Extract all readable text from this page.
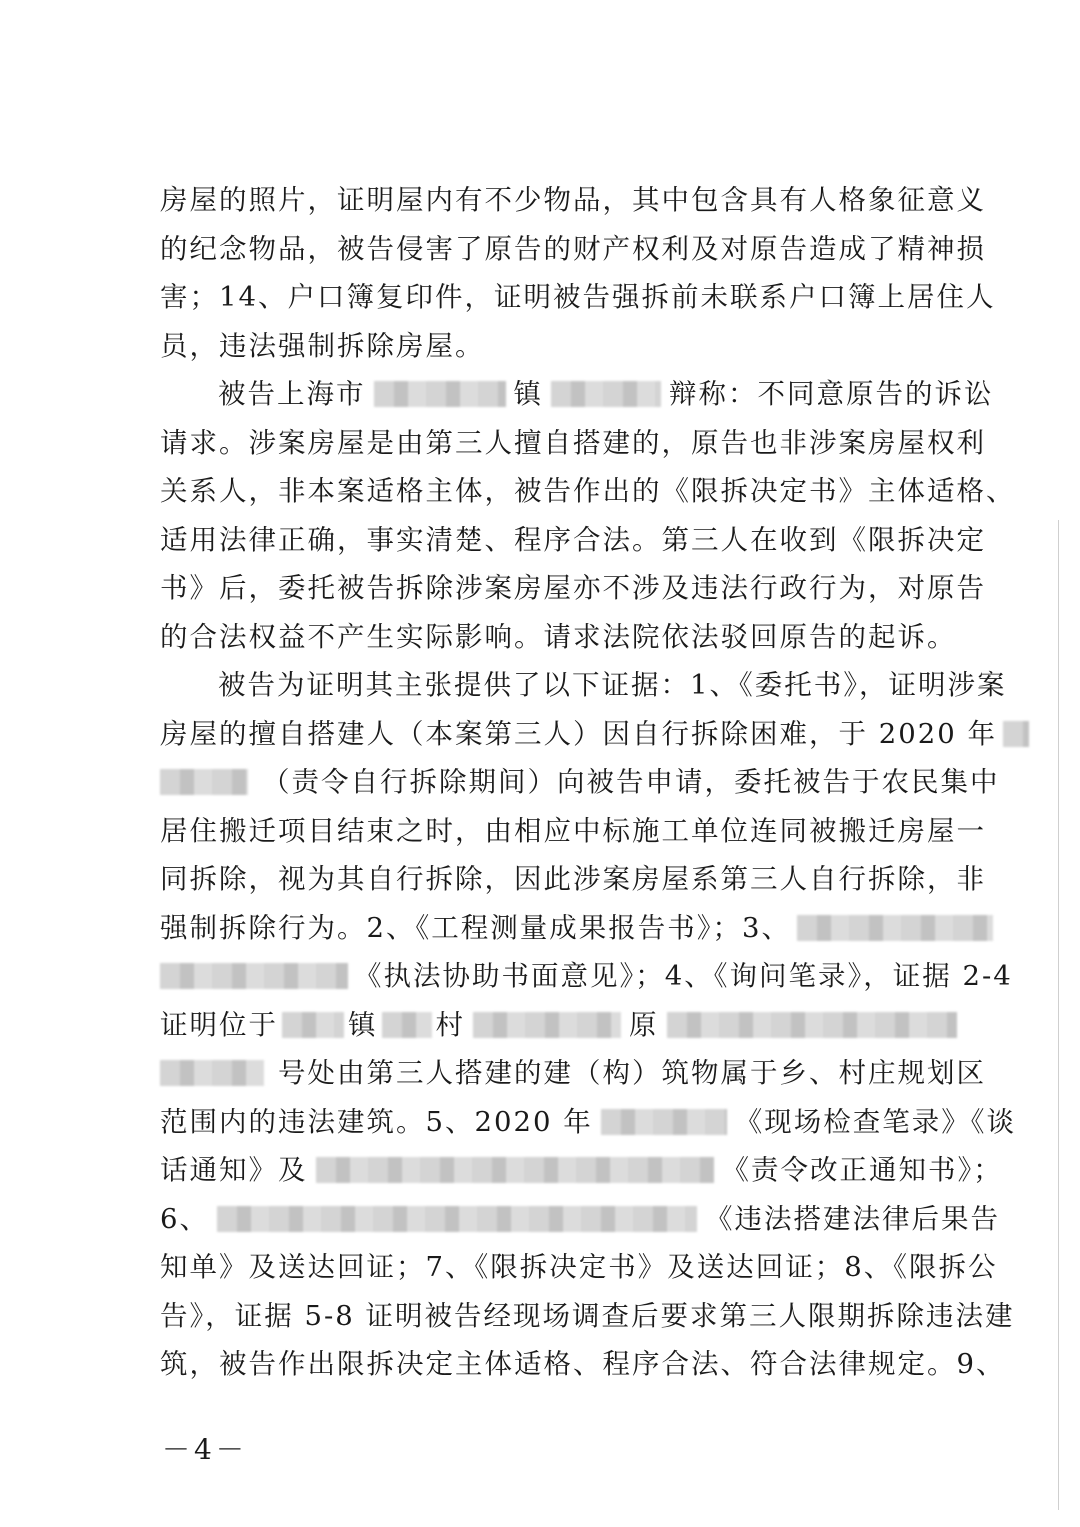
房屋的照片，证明屋内有不少物品，其中包含具有人格象征意义
的纪念物品，被告侵害了原告的财产权利及对原告造成了精神损
害；14、户口簿复印件，证明被告强拆前未联系户口簿上居住人
员，违法强制拆除房屋。

被告上海市	镇	辩称：不同意原告的诉讼
请求。涉案房屋是由第三人擅自搭建的，原告也非涉案房屋权利
关系人，非本案适格主体，被告作出的《限拆决定书》主体适格、
适用法律正确，事实清楚、程序合法。第三人在收到《限拆决定
书》后，委托被告拆除涉案房屋亦不涉及违法行政行为，对原告
的合法权益不产生实际影响。请求法院依法驳回原告的起诉。

被告为证明其主张提供了以下证据：1、《委托书》，证明涉案
房屋的擅自搭建人（本案第三人）因自行拆除困难，于 2020 年
（责令自行拆除期间）向被告申请，委托被告于农民集中
居住搬迁项目结束之时，由相应中标施工单位连同被搬迁房屋一
同拆除，视为其自行拆除，因此涉案房屋系第三人自行拆除，非
强制拆除行为。2、《工程测量成果报告书》；3、
《执法协助书面意见》；4、《询问笔录》，证据 2-4
证明位于	镇 村	原
号处由第三人搭建的建（构）筑物属于乡、村庄规划区
范围内的违法建筑。5、2020 年	《现场检查笔录》《谈
话通知》及	《责令改正通知书》；
6、	《违法搭建法律后果告
知单》及送达回证；7、《限拆决定书》及送达回证；8、《限拆公
告》，证据 5-8 证明被告经现场调查后要求第三人限期拆除违法建
筑，被告作出限拆决定主体适格、程序合法、符合法律规定。9、

－4－
